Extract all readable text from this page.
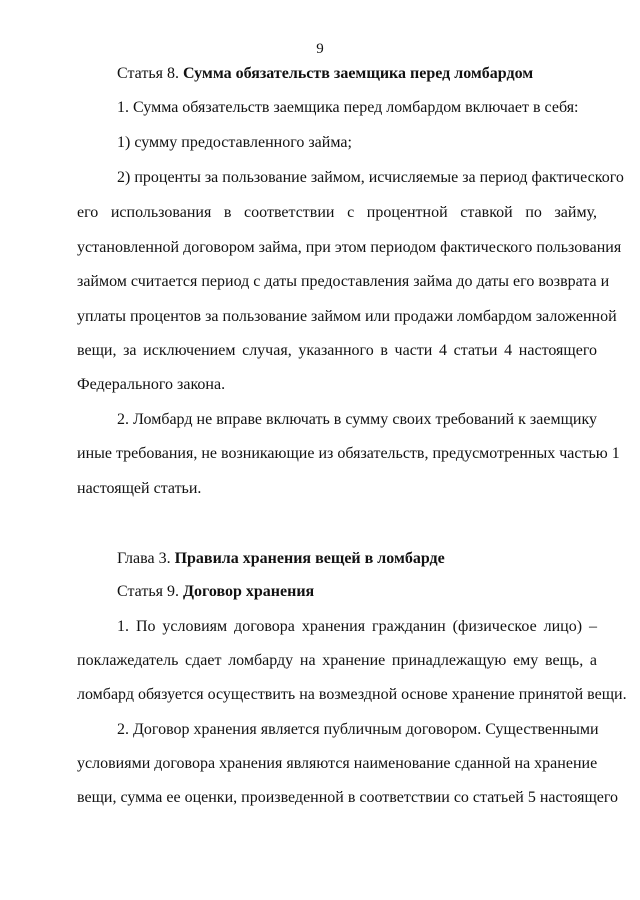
9
Статья 8. Сумма обязательств заемщика перед ломбардом
1. Сумма обязательств заемщика перед ломбардом включает в себя:
1) сумму предоставленного займа;
2) проценты за пользование займом, исчисляемые за период фактического
его использования в соответствии с процентной ставкой по займу,
установленной договором займа, при этом периодом фактического пользования
займом считается период с даты предоставления займа до даты его возврата и
уплаты процентов за пользование займом или продажи ломбардом заложенной
вещи, за исключением случая, указанного в части 4 статьи 4 настоящего
Федерального закона.
2. Ломбард не вправе включать в сумму своих требований к заемщику
иные требования, не возникающие из обязательств, предусмотренных частью 1
настоящей статьи.
Глава 3. Правила хранения вещей в ломбарде
Статья 9. Договор хранения
1. По условиям договора хранения гражданин (физическое лицо) –
поклажедатель сдает ломбарду на хранение принадлежащую ему вещь, а
ломбард обязуется осуществить на возмездной основе хранение принятой вещи.
2. Договор хранения является публичным договором. Существенными
условиями договора хранения являются наименование сданной на хранение
вещи, сумма ее оценки, произведенной в соответствии со статьей 5 настоящего
